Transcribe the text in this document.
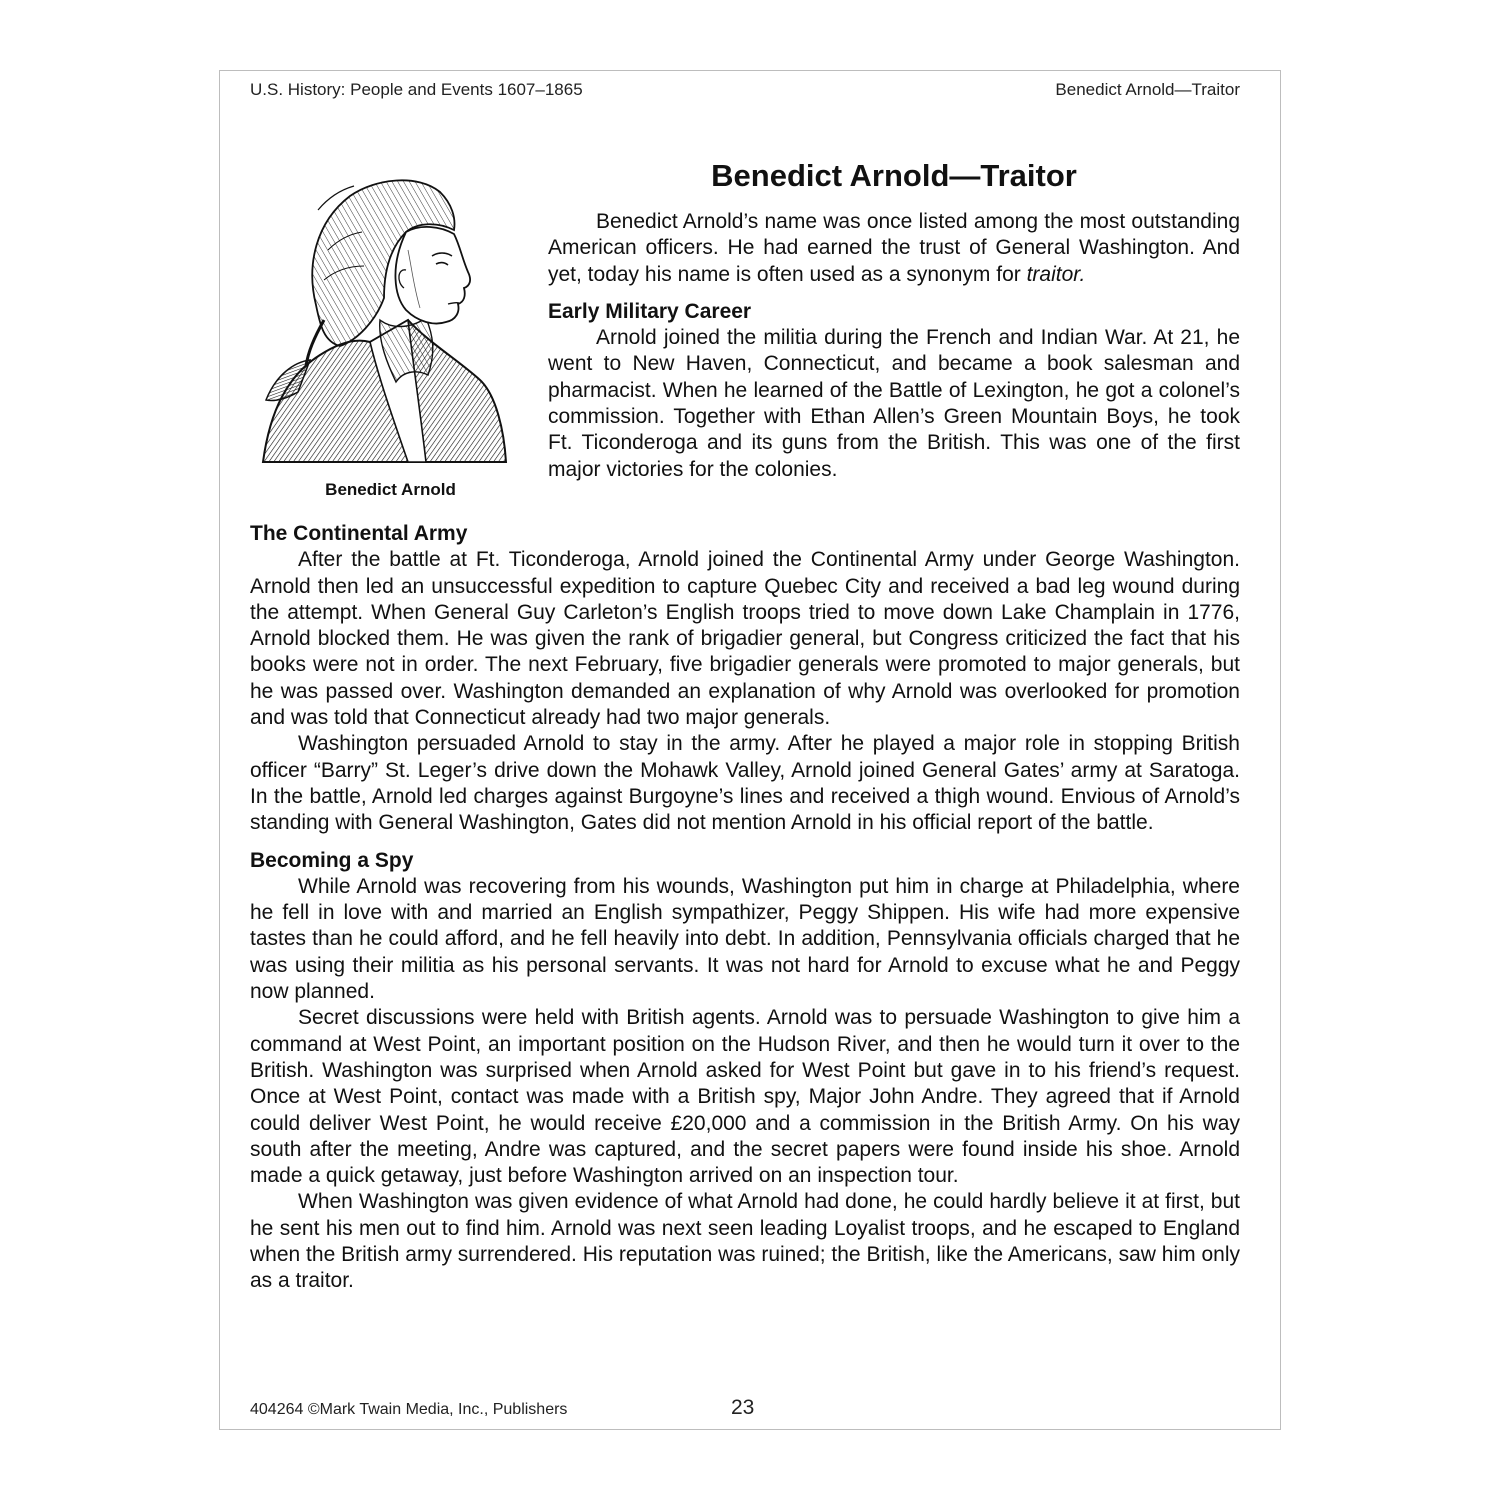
U.S. History: People and Events 1607–1865	Benedict Arnold—Traitor
Benedict Arnold
Benedict Arnold—Traitor

Benedict Arnold’s name was once listed among the most outstanding American officers. He had earned the trust of General Washington. And yet, today his name is often used as a synonym for traitor.

Early Military Career

Arnold joined the militia during the French and Indian War. At 21, he went to New Haven, Connecticut, and became a book salesman and pharmacist. When he learned of the Battle of Lexington, he got a colonel’s commission. Together with Ethan Allen’s Green Mountain Boys, he took Ft. Ticonderoga and its guns from the British. This was one of the first major victories for the colonies.

The Continental Army

After the battle at Ft. Ticonderoga, Arnold joined the Continental Army under George Washington. Arnold then led an unsuccessful expedition to capture Quebec City and received a bad leg wound during the attempt. When General Guy Carleton’s English troops tried to move down Lake Champlain in 1776, Arnold blocked them. He was given the rank of brigadier general, but Congress criticized the fact that his books were not in order. The next February, five brigadier generals were promoted to major generals, but he was passed over. Washington demanded an explanation of why Arnold was overlooked for promotion and was told that Connecticut already had two major generals.

Washington persuaded Arnold to stay in the army. After he played a major role in stopping British officer “Barry” St. Leger’s drive down the Mohawk Valley, Arnold joined General Gates’ army at Saratoga. In the battle, Arnold led charges against Burgoyne’s lines and received a thigh wound. Envious of Arnold’s standing with General Washington, Gates did not mention Arnold in his official report of the battle.

Becoming a Spy

While Arnold was recovering from his wounds, Washington put him in charge at Philadelphia, where he fell in love with and married an English sympathizer, Peggy Shippen. His wife had more expensive tastes than he could afford, and he fell heavily into debt. In addition, Pennsylvania officials charged that he was using their militia as his personal servants. It was not hard for Arnold to excuse what he and Peggy now planned.

Secret discussions were held with British agents. Arnold was to persuade Washington to give him a command at West Point, an important position on the Hudson River, and then he would turn it over to the British. Washington was surprised when Arnold asked for West Point but gave in to his friend’s request. Once at West Point, contact was made with a British spy, Major John Andre. They agreed that if Arnold could deliver West Point, he would receive £20,000 and a commission in the British Army. On his way south after the meeting, Andre was captured, and the secret papers were found inside his shoe. Arnold made a quick getaway, just before Washington arrived on an inspection tour.

When Washington was given evidence of what Arnold had done, he could hardly believe it at first, but he sent his men out to find him. Arnold was next seen leading Loyalist troops, and he escaped to England when the British army surrendered. His reputation was ruined; the British, like the Americans, saw him only as a traitor.

404264 ©Mark Twain Media, Inc., Publishers	23
